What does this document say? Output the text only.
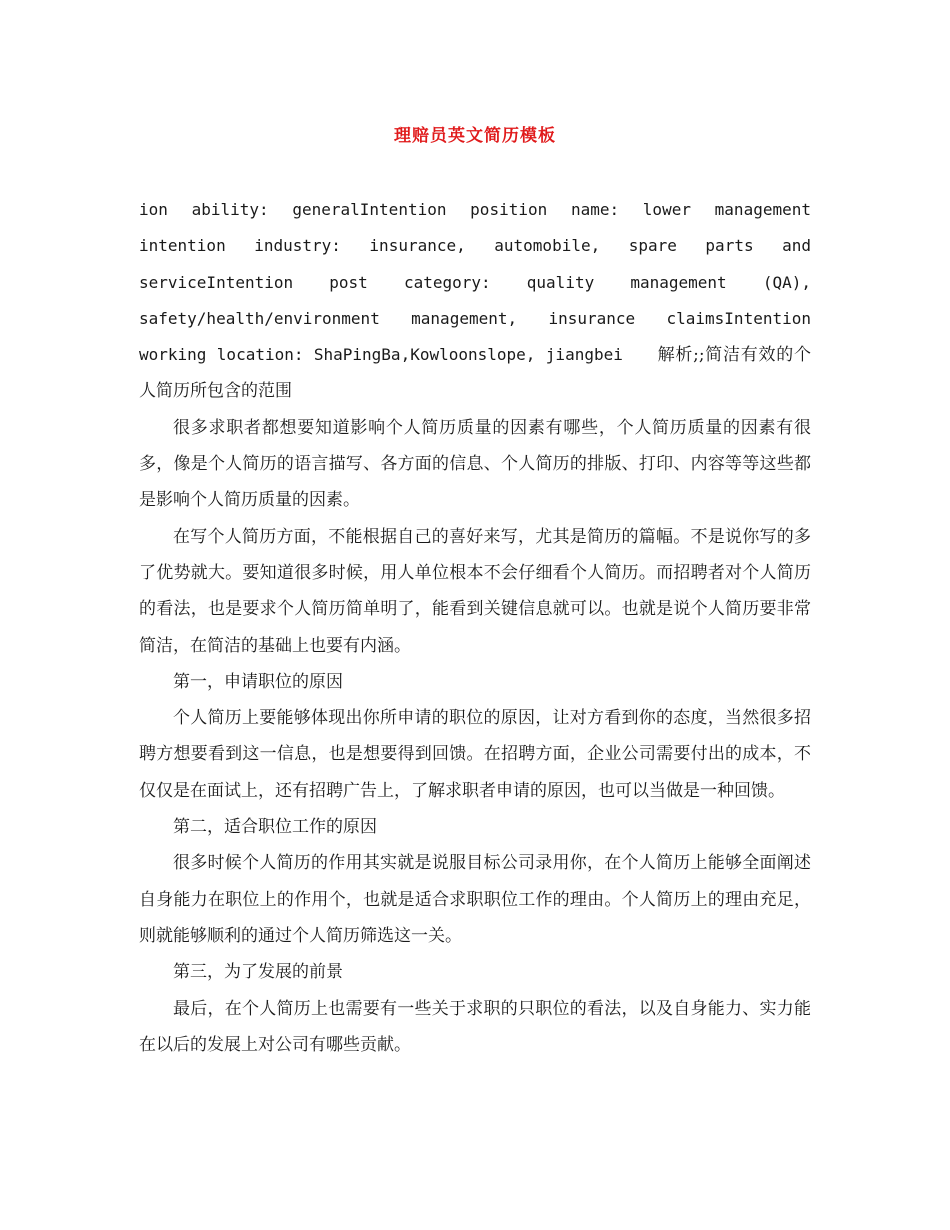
理赔员英文简历模板

ion ability: generalIntention position name: lower management intention industry: insurance, automobile, spare parts and serviceIntention post category: quality management (QA), safety/health/environment management, insurance claimsIntention working location: ShaPingBa,Kowloonslope, jiangbei 解析;;简洁有效的个人简历所包含的范围

很多求职者都想要知道影响个人简历质量的因素有哪些，个人简历质量的因素有很多，像是个人简历的语言描写、各方面的信息、个人简历的排版、打印、内容等等这些都是影响个人简历质量的因素。

在写个人简历方面，不能根据自己的喜好来写，尤其是简历的篇幅。不是说你写的多了优势就大。要知道很多时候，用人单位根本不会仔细看个人简历。而招聘者对个人简历的看法，也是要求个人简历简单明了，能看到关键信息就可以。也就是说个人简历要非常简洁，在简洁的基础上也要有内涵。

第一，申请职位的原因

个人简历上要能够体现出你所申请的职位的原因，让对方看到你的态度，当然很多招聘方想要看到这一信息，也是想要得到回馈。在招聘方面，企业公司需要付出的成本，不仅仅是在面试上，还有招聘广告上，了解求职者申请的原因，也可以当做是一种回馈。

第二，适合职位工作的原因

很多时候个人简历的作用其实就是说服目标公司录用你，在个人简历上能够全面阐述自身能力在职位上的作用个，也就是适合求职职位工作的理由。个人简历上的理由充足，则就能够顺利的通过个人简历筛选这一关。

第三，为了发展的前景

最后，在个人简历上也需要有一些关于求职的只职位的看法，以及自身能力、实力能在以后的发展上对公司有哪些贡献。
